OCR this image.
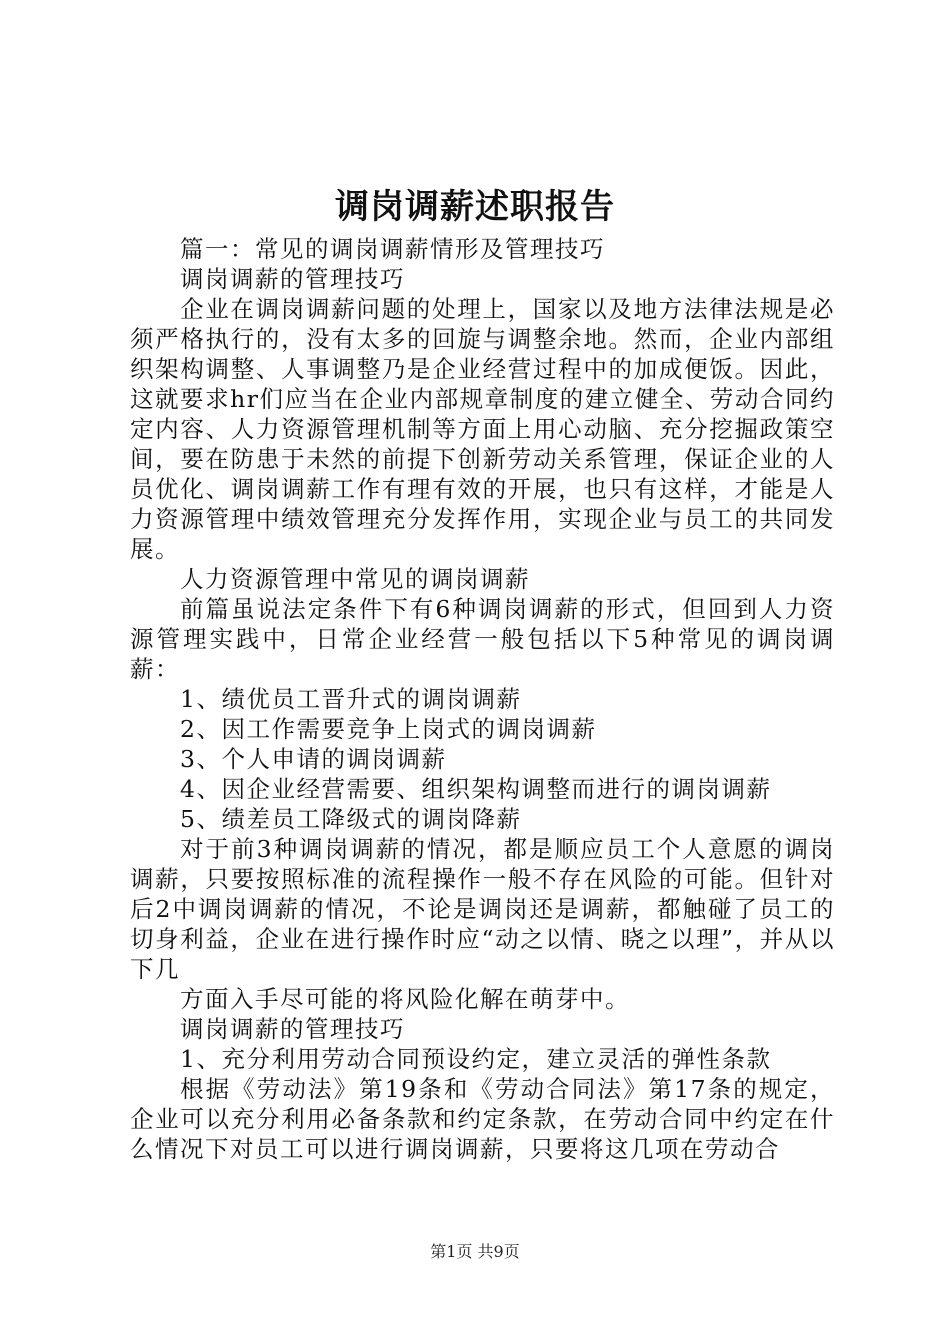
调岗调薪述职报告

篇一：常见的调岗调薪情形及管理技巧

调岗调薪的管理技巧

企业在调岗调薪问题的处理上，国家以及地方法律法规是必须严格执行的，没有太多的回旋与调整余地。然而，企业内部组织架构调整、人事调整乃是企业经营过程中的加成便饭。因此，这就要求hr们应当在企业内部规章制度的建立健全、劳动合同约定内容、人力资源管理机制等方面上用心动脑、充分挖掘政策空间，要在防患于未然的前提下创新劳动关系管理，保证企业的人员优化、调岗调薪工作有理有效的开展，也只有这样，才能是人力资源管理中绩效管理充分发挥作用，实现企业与员工的共同发展。

人力资源管理中常见的调岗调薪

前篇虽说法定条件下有6种调岗调薪的形式，但回到人力资源管理实践中，日常企业经营一般包括以下5种常见的调岗调薪：

1、绩优员工晋升式的调岗调薪

2、因工作需要竞争上岗式的调岗调薪

3、个人申请的调岗调薪

4、因企业经营需要、组织架构调整而进行的调岗调薪

5、绩差员工降级式的调岗降薪

对于前3种调岗调薪的情况，都是顺应员工个人意愿的调岗调薪，只要按照标准的流程操作一般不存在风险的可能。但针对后2中调岗调薪的情况，不论是调岗还是调薪，都触碰了员工的切身利益，企业在进行操作时应“动之以情、晓之以理”，并从以下几

方面入手尽可能的将风险化解在萌芽中。

调岗调薪的管理技巧

1、充分利用劳动合同预设约定，建立灵活的弹性条款

根据《劳动法》第19条和《劳动合同法》第17条的规定，企业可以充分利用必备条款和约定条款，在劳动合同中约定在什么情况下对员工可以进行调岗调薪，只要将这几项在劳动合

第1页 共9页
